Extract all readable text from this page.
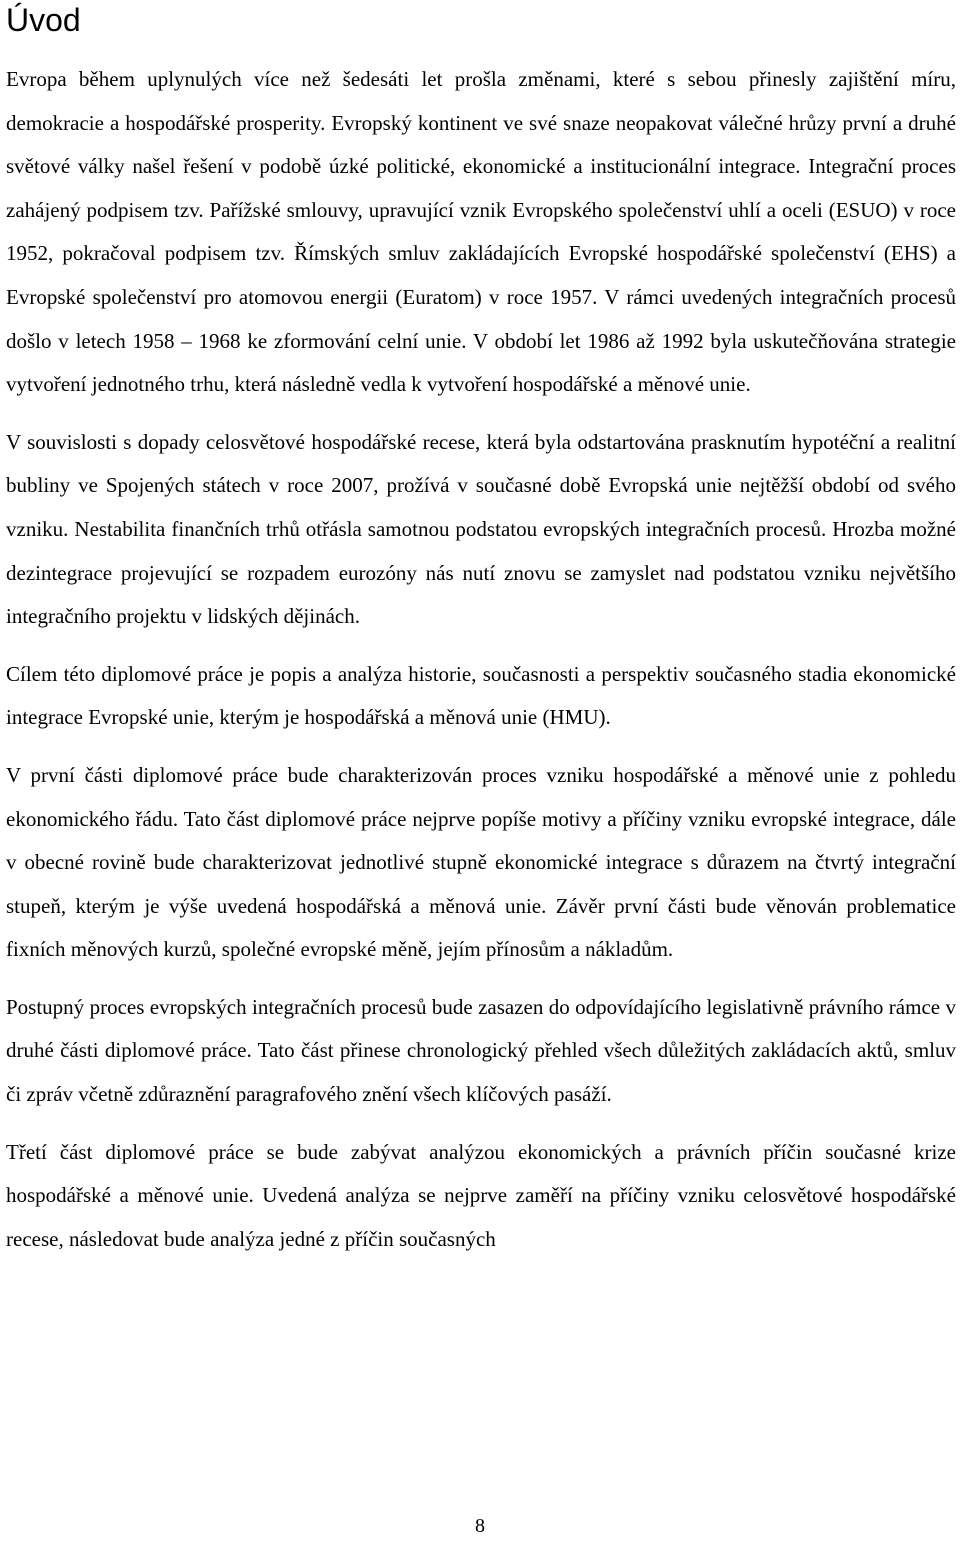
Úvod

Evropa během uplynulých více než šedesáti let prošla změnami, které s sebou přinesly zajištění míru, demokracie a hospodářské prosperity. Evropský kontinent ve své snaze neopakovat válečné hrůzy první a druhé světové války našel řešení v podobě úzké politické, ekonomické a institucionální integrace. Integrační proces zahájený podpisem tzv. Pařížské smlouvy, upravující vznik Evropského společenství uhlí a oceli (ESUO) v roce 1952, pokračoval podpisem tzv. Římských smluv zakládajících Evropské hospodářské společenství (EHS) a Evropské společenství pro atomovou energii (Euratom) v roce 1957. V rámci uvedených integračních procesů došlo v letech 1958 – 1968 ke zformování celní unie. V období let 1986 až 1992 byla uskutečňována strategie vytvoření jednotného trhu, která následně vedla k vytvoření hospodářské a měnové unie.

V souvislosti s dopady celosvětové hospodářské recese, která byla odstartována prasknutím hypotéční a realitní bubliny ve Spojených státech v roce 2007, prožívá v současné době Evropská unie nejtěžší období od svého vzniku. Nestabilita finančních trhů otřásla samotnou podstatou evropských integračních procesů. Hrozba možné dezintegrace projevující se rozpadem eurozóny nás nutí znovu se zamyslet nad podstatou vzniku největšího integračního projektu v lidských dějinách.

Cílem této diplomové práce je popis a analýza historie, současnosti a perspektiv současného stadia ekonomické integrace Evropské unie, kterým je hospodářská a měnová unie (HMU).

V první části diplomové práce bude charakterizován proces vzniku hospodářské a měnové unie z pohledu ekonomického řádu. Tato část diplomové práce nejprve popíše motivy a příčiny vzniku evropské integrace, dále v obecné rovině bude charakterizovat jednotlivé stupně ekonomické integrace s důrazem na čtvrtý integrační stupeň, kterým je výše uvedená hospodářská a měnová unie. Závěr první části bude věnován problematice fixních měnových kurzů, společné evropské měně, jejím přínosům a nákladům.

Postupný proces evropských integračních procesů bude zasazen do odpovídajícího legislativně právního rámce v druhé části diplomové práce. Tato část přinese chronologický přehled všech důležitých zakládacích aktů, smluv či zpráv včetně zdůraznění paragrafového znění všech klíčových pasáží.

Třetí část diplomové práce se bude zabývat analýzou ekonomických a právních příčin současné krize hospodářské a měnové unie. Uvedená analýza se nejprve zaměří na příčiny vzniku celosvětové hospodářské recese, následovat bude analýza jedné z příčin současných

8
